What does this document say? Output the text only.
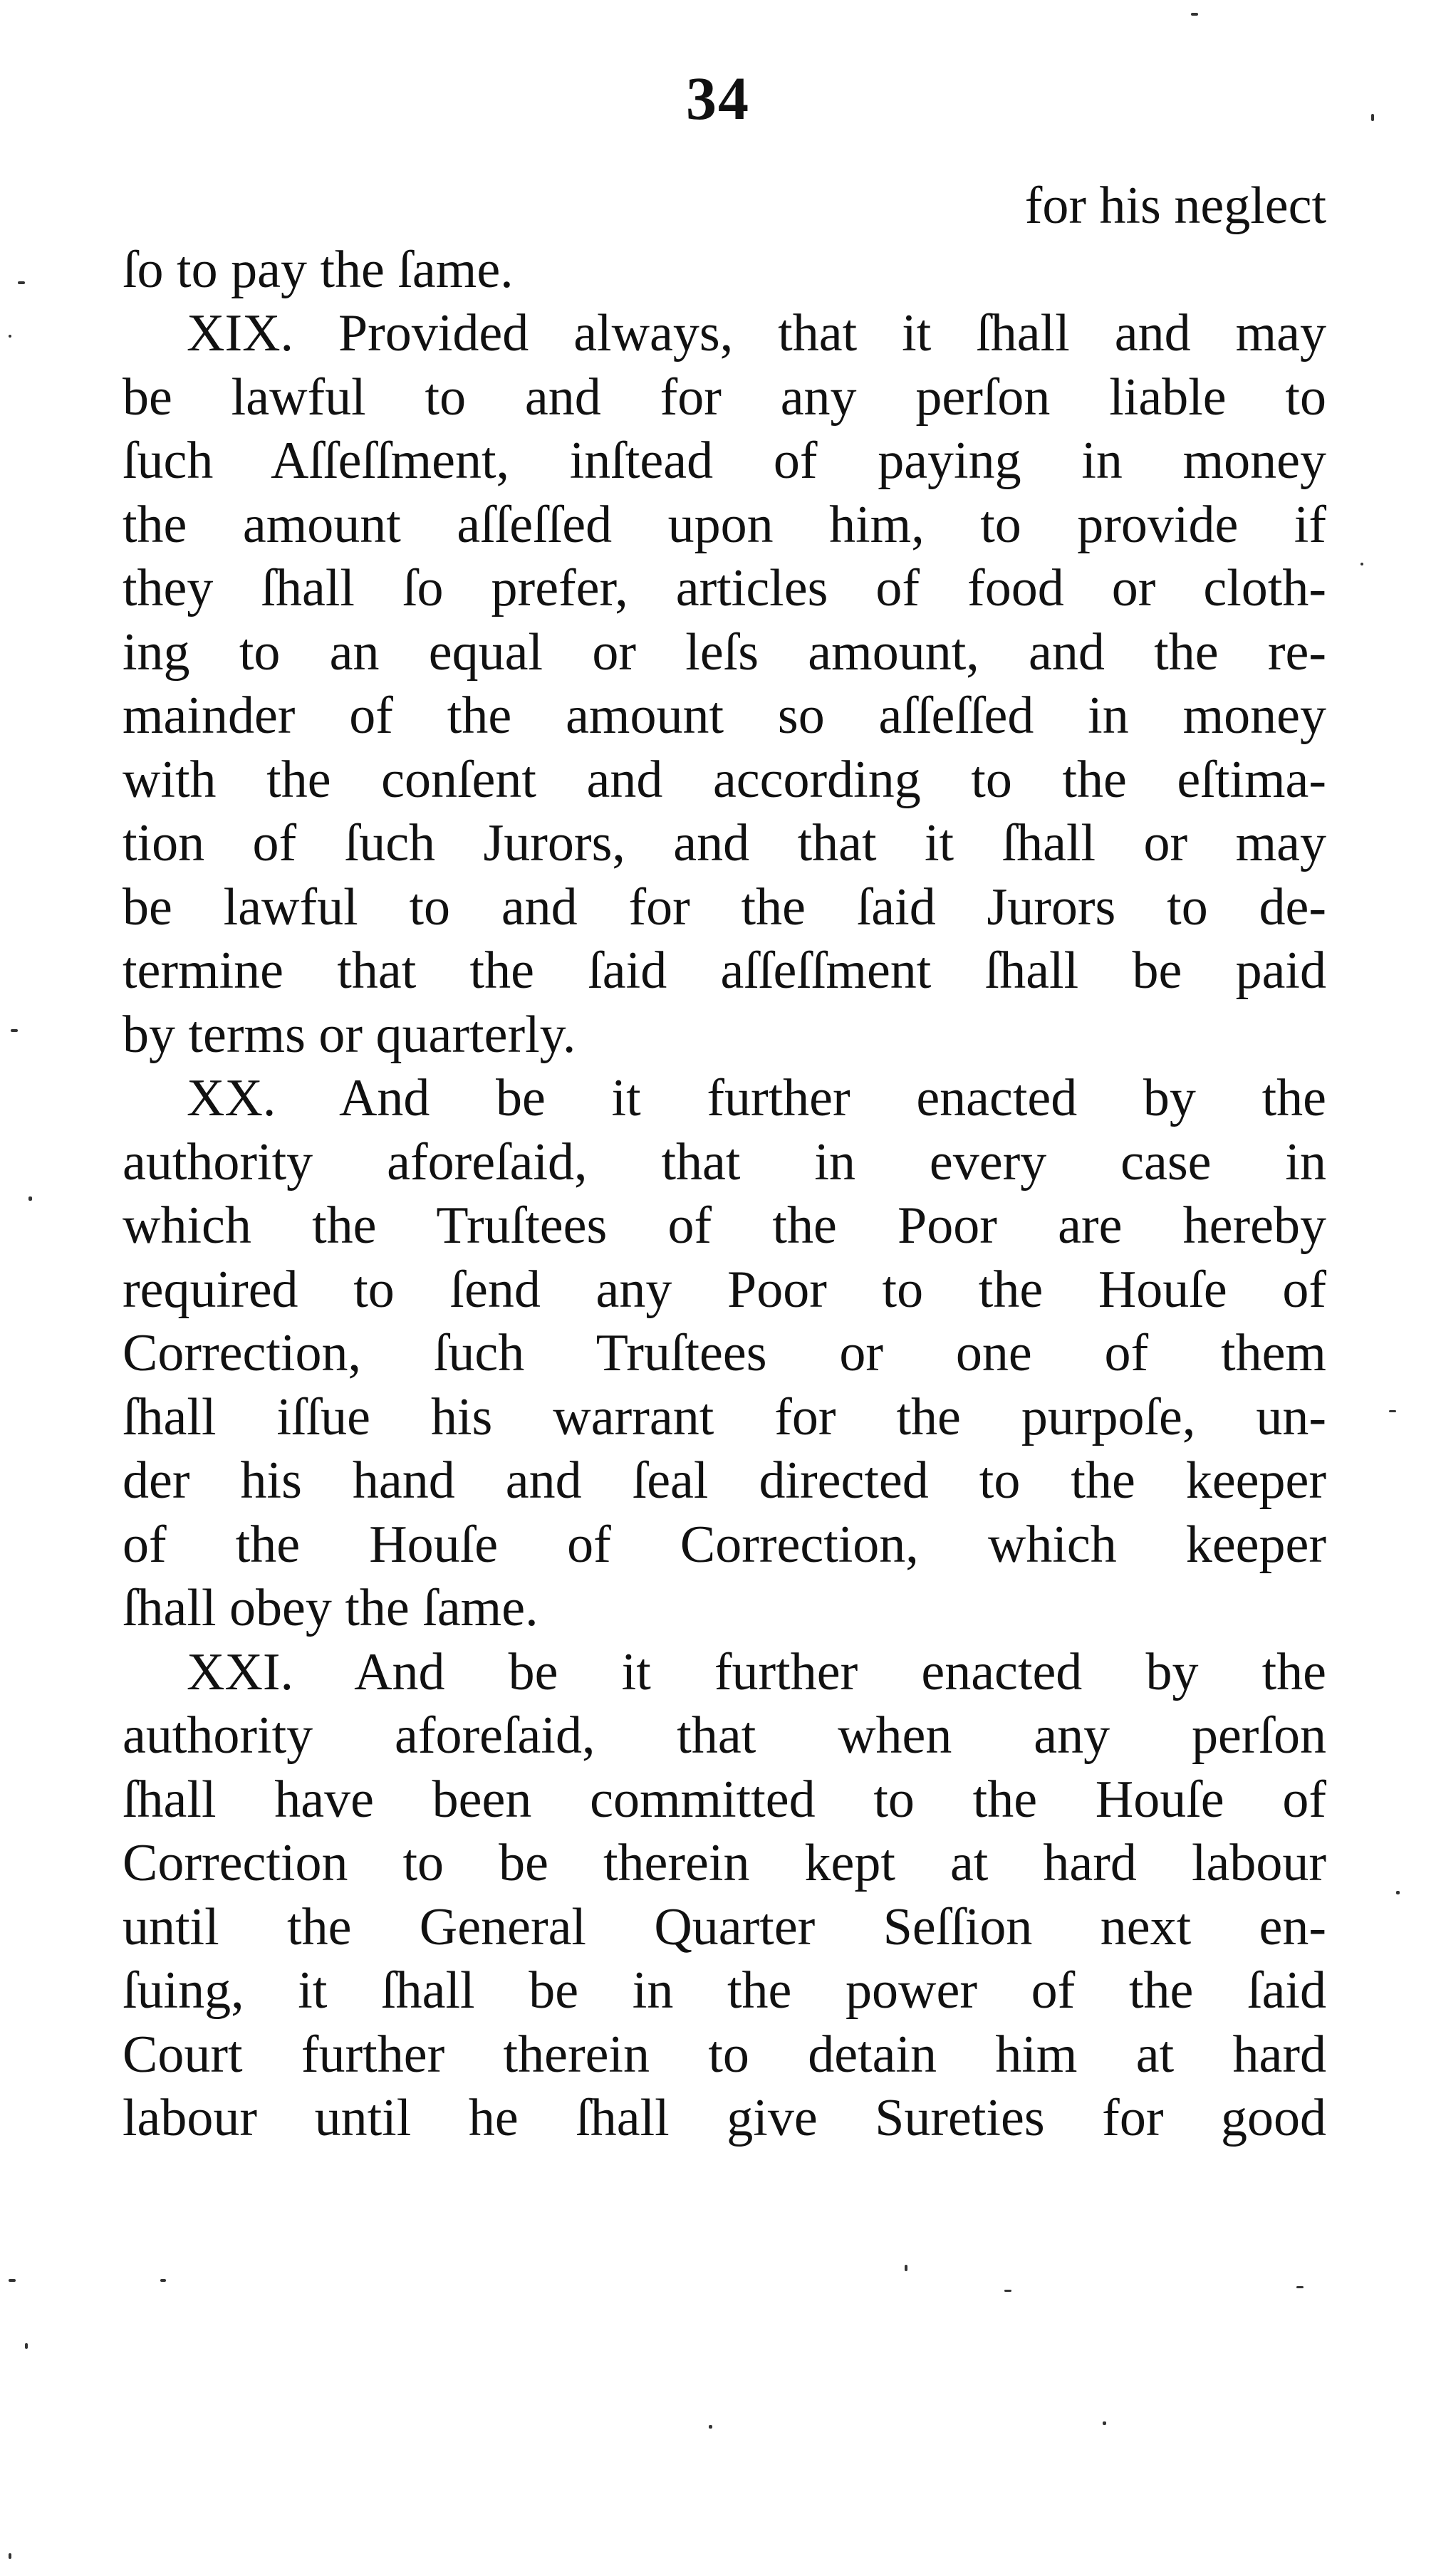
34
for his neglect
ſo to pay the ſame.
XIX. Provided always, that it ſhall and may
be lawful to and for any perſon liable to
ſuch Aſſeſſment, inſtead of paying in money
the amount aſſeſſed upon him, to provide if
they ſhall ſo prefer, articles of food or cloth-
ing to an equal or leſs amount, and the re-
mainder of the amount so aſſeſſed in money
with the conſent and according to the eſtima-
tion of ſuch Jurors, and that it ſhall or may
be lawful to and for the ſaid Jurors to de-
termine that the ſaid aſſeſſment ſhall be paid
by terms or quarterly.
XX. And be it further enacted by the
authority aforeſaid, that in every case in
which the Truſtees of the Poor are hereby
required to ſend any Poor to the Houſe of
Correction, ſuch Truſtees or one of them
ſhall iſſue his warrant for the purpoſe, un-
der his hand and ſeal directed to the keeper
of the Houſe of Correction, which keeper
ſhall obey the ſame.
XXI. And be it further enacted by the
authority aforeſaid, that when any perſon
ſhall have been committed to the Houſe of
Correction to be therein kept at hard labour
until the General Quarter Seſſion next en-
ſuing, it ſhall be in the power of the ſaid
Court further therein to detain him at hard
labour until he ſhall give Sureties for good
